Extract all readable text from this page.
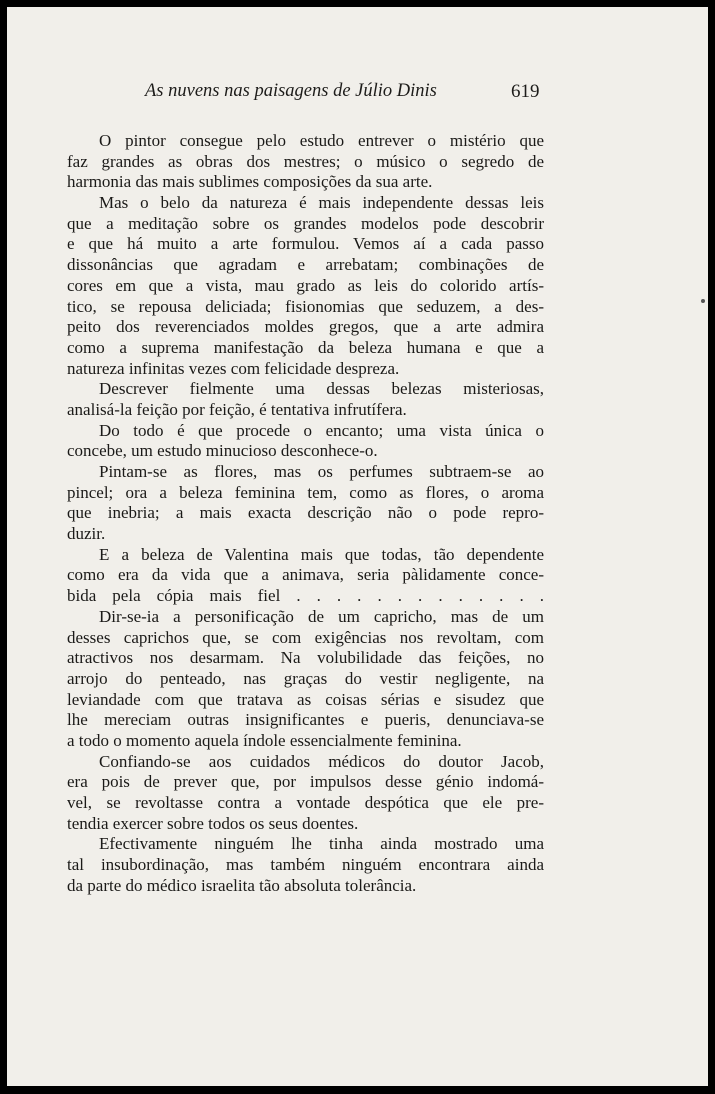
As nuvens nas paisagens de Júlio Dinis	619
O pintor consegue pelo estudo entrever o mistério que
faz grandes as obras dos mestres; o músico o segredo de
harmonia das mais sublimes composições da sua arte.
Mas o belo da natureza é mais independente dessas leis
que a meditação sobre os grandes modelos pode descobrir
e que há muito a arte formulou. Vemos aí a cada passo
dissonâncias que agradam e arrebatam; combinações de
cores em que a vista, mau grado as leis do colorido artís-
tico, se repousa deliciada; fisionomias que seduzem, a des-
peito dos reverenciados moldes gregos, que a arte admira
como a suprema manifestação da beleza humana e que a
natureza infinitas vezes com felicidade despreza.
Descrever fielmente uma dessas belezas misteriosas,
analisá-la feição por feição, é tentativa infrutífera.
Do todo é que procede o encanto; uma vista única o
concebe, um estudo minucioso desconhece-o.
Pintam-se as flores, mas os perfumes subtraem-se ao
pincel; ora a beleza feminina tem, como as flores, o aroma
que inebria; a mais exacta descrição não o pode repro-
duzir.
E a beleza de Valentina mais que todas, tão dependente
como era da vida que a animava, seria pàlidamente conce-
bida pela cópia mais fiel . . . . . . . . . . . . .
Dir-se-ia a personificação de um capricho, mas de um
desses caprichos que, se com exigências nos revoltam, com
atractivos nos desarmam. Na volubilidade das feições, no
arrojo do penteado, nas graças do vestir negligente, na
leviandade com que tratava as coisas sérias e sisudez que
lhe mereciam outras insignificantes e pueris, denunciava-se
a todo o momento aquela índole essencialmente feminina.
Confiando-se aos cuidados médicos do doutor Jacob,
era pois de prever que, por impulsos desse génio indomá-
vel, se revoltasse contra a vontade despótica que ele pre-
tendia exercer sobre todos os seus doentes.
Efectivamente ninguém lhe tinha ainda mostrado uma
tal insubordinação, mas também ninguém encontrara ainda
da parte do médico israelita tão absoluta tolerância.
